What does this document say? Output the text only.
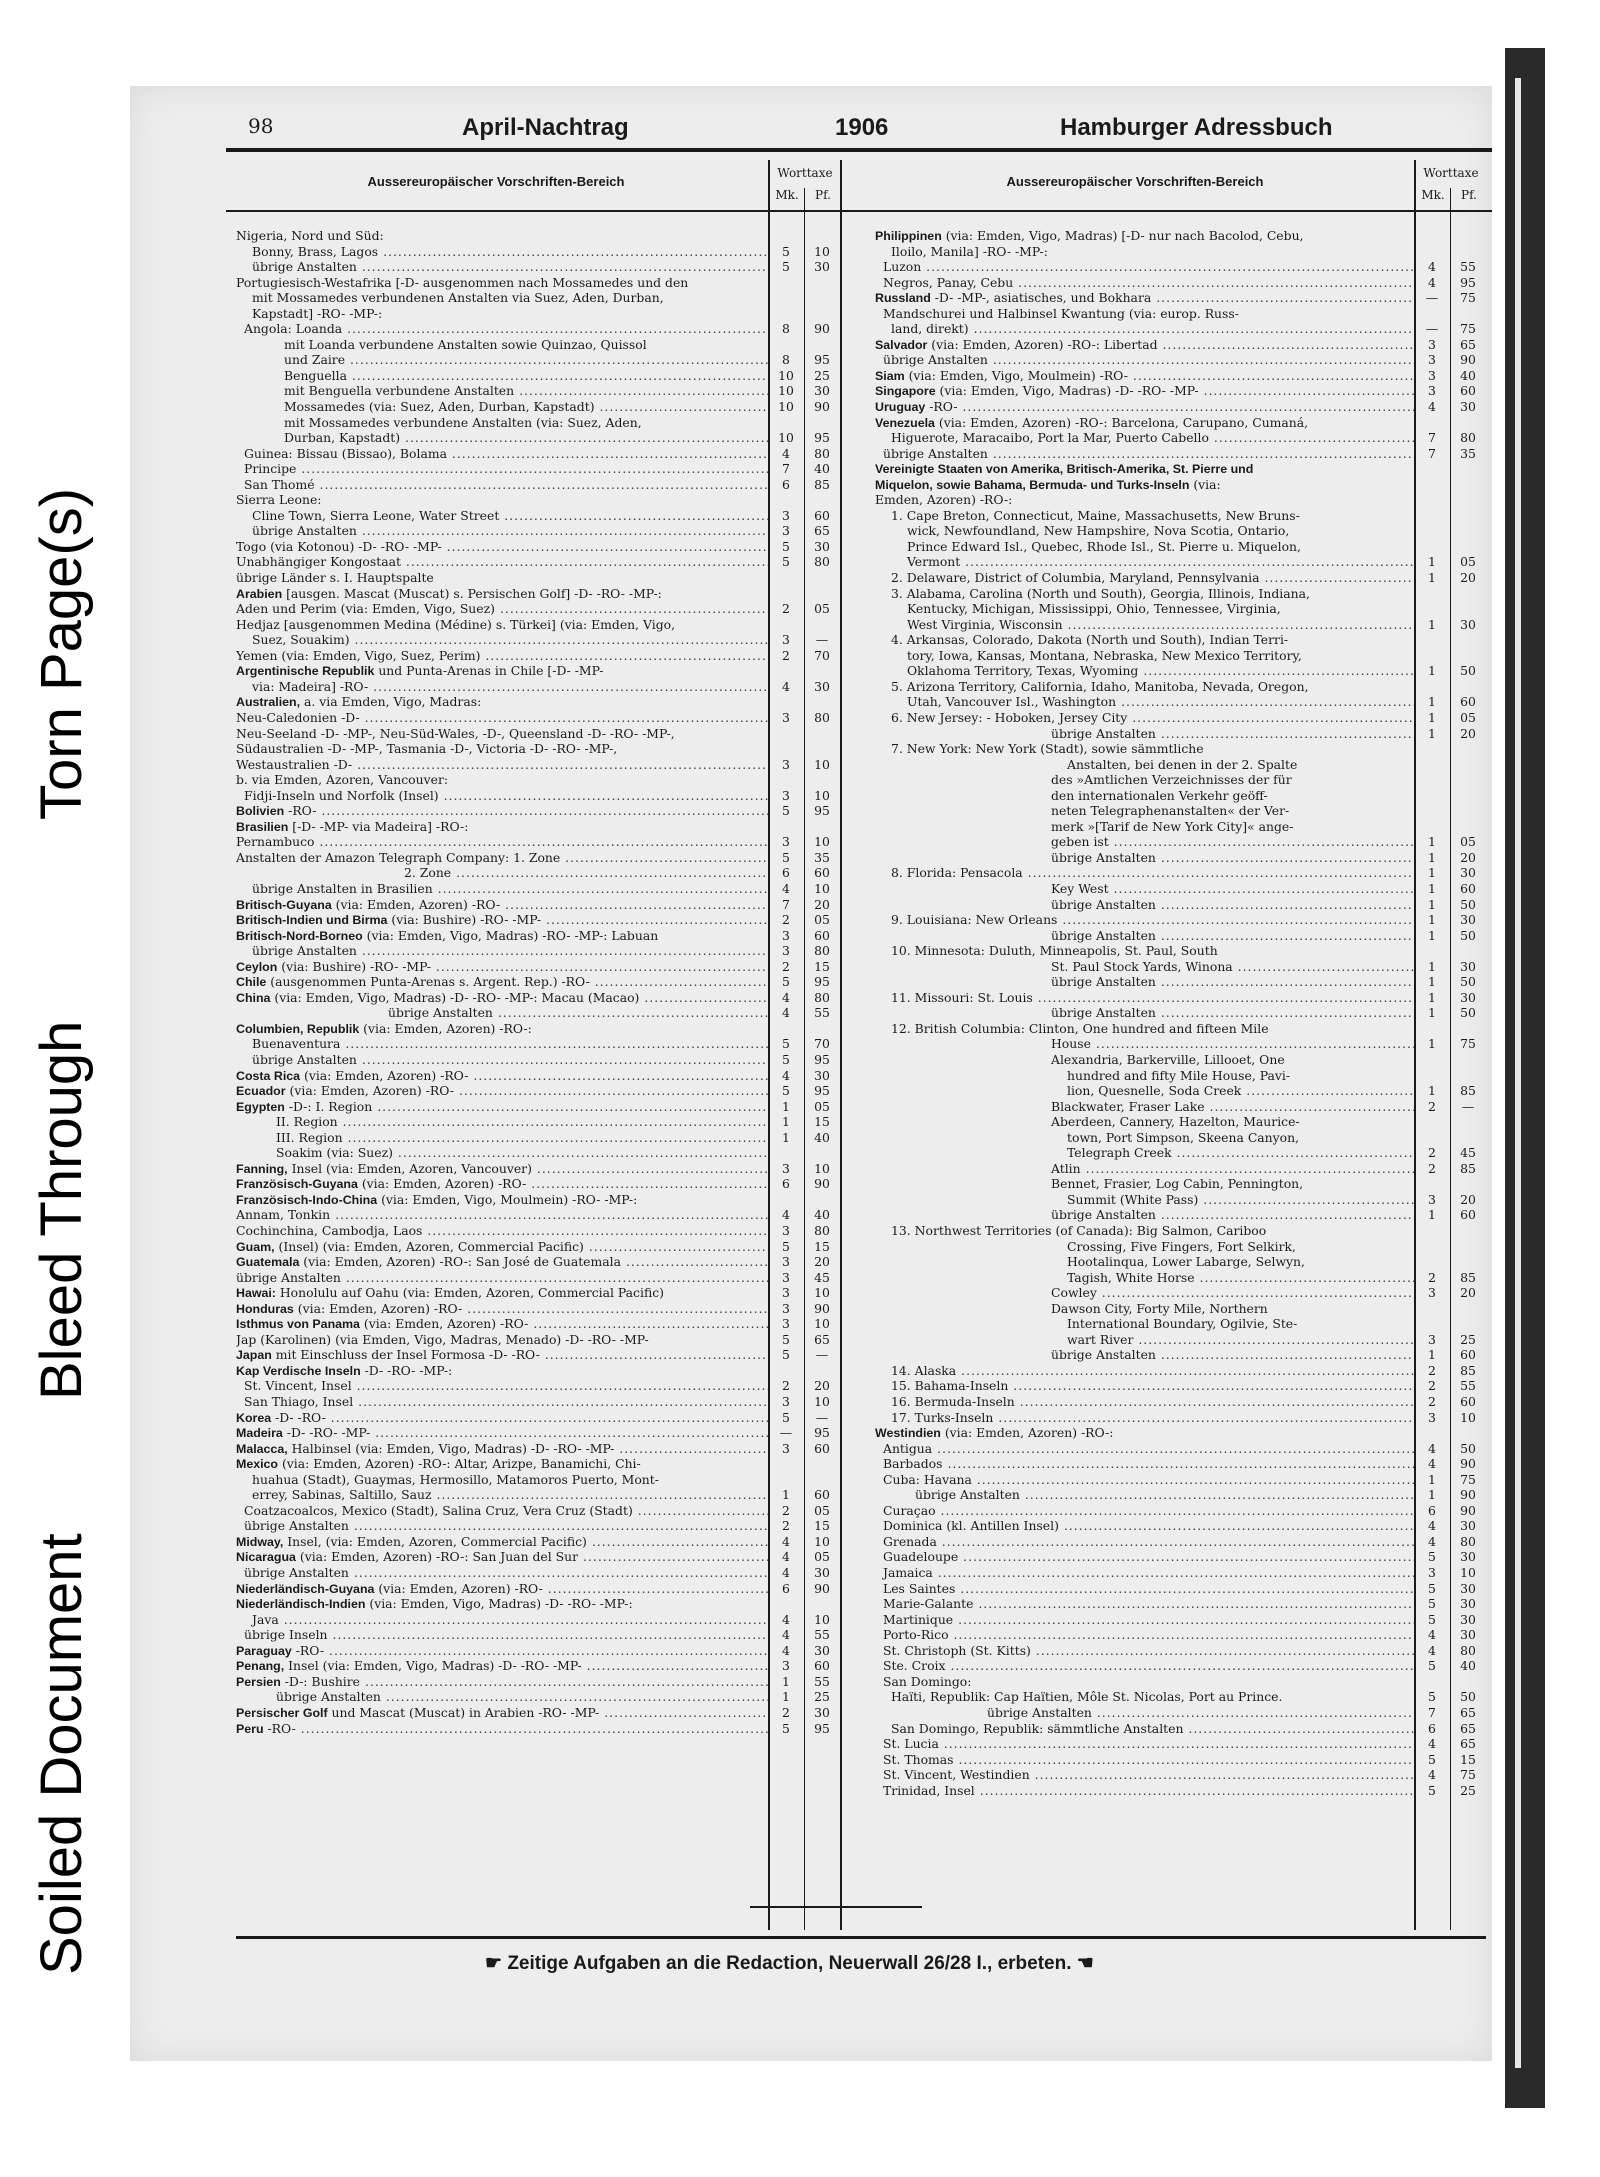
Soiled Document
Bleed Through
Torn Page(s)
98	April-Nachtrag	1906	Hamburger Adressbuch
Aussereuropäischer Vorschriften-Bereich
Worttaxe
Mk.	Pf.
Aussereuropäischer Vorschriften-Bereich
Worttaxe
Mk.	Pf.
Nigeria, Nord und Süd:
Bonny, Brass, Lagos .....	5	10
übrige Anstalten .....	5	30
Portugiesisch-Westafrika [-D- ausgenommen nach Mossamedes und den
mit Mossamedes verbundenen Anstalten via Suez, Aden, Durban,
Kapstadt] -RO- -MP-:
Angola: Loanda .....	8	90
mit Loanda verbundene Anstalten sowie Quinzao, Quissol
und Zaire .....	8	95
Benguella .....	10	25
mit Benguella verbundene Anstalten .....	10	30
Mossamedes (via: Suez, Aden, Durban, Kapstadt) .....	10	90
mit Mossamedes verbundene Anstalten (via: Suez, Aden,
Durban, Kapstadt) .....	10	95
Guinea: Bissau (Bissao), Bolama .....	4	80
Principe .....	7	40
San Thomé .....	6	85
Sierra Leone:
Cline Town, Sierra Leone, Water Street .....	3	60
übrige Anstalten .....	3	65
Togo (via Kotonou) -D- -RO- -MP- .....	5	30
Unabhängiger Kongostaat .....	5	80
übrige Länder s. I. Hauptspalte
Arabien [ausgen. Mascat (Muscat) s. Persischen Golf] -D- -RO- -MP-:
Aden und Perim (via: Emden, Vigo, Suez) .....	2	05
Hedjaz [ausgenommen Medina (Médine) s. Türkei] (via: Emden, Vigo,
Suez, Souakim) .....	3	—
Yemen (via: Emden, Vigo, Suez, Perim) .....	2	70
Argentinische Republik und Punta-Arenas in Chile [-D- -MP-
via: Madeira] -RO- .....	4	30
Australien, a. via Emden, Vigo, Madras:
Neu-Caledonien -D- .....	3	80
Neu-Seeland -D- -MP-, Neu-Süd-Wales, -D-, Queensland -D- -RO- -MP-,
Südaustralien -D- -MP-, Tasmania -D-, Victoria -D- -RO- -MP-,
Westaustralien -D- .....	3	10
b. via Emden, Azoren, Vancouver:
Fidji-Inseln und Norfolk (Insel) .....	3	10
Bolivien -RO- .....	5	95
Brasilien [-D- -MP- via Madeira] -RO-:
Pernambuco .....	3	10
Anstalten der Amazon Telegraph Company: 1. Zone .....	5	35
2. Zone .....	6	60
übrige Anstalten in Brasilien .....	4	10
Britisch-Guyana (via: Emden, Azoren) -RO- .....	7	20
Britisch-Indien und Birma (via: Bushire) -RO- -MP- .....	2	05
Britisch-Nord-Borneo (via: Emden, Vigo, Madras) -RO- -MP-: Labuan	3	60
übrige Anstalten .....	3	80
Ceylon (via: Bushire) -RO- -MP- .....	2	15
Chile (ausgenommen Punta-Arenas s. Argent. Rep.) -RO- .....	5	95
China (via: Emden, Vigo, Madras) -D- -RO- -MP-: Macau (Macao) .....	4	80
übrige Anstalten .....	4	55
Columbien, Republik (via: Emden, Azoren) -RO-:
Buenaventura .....	5	70
übrige Anstalten .....	5	95
Costa Rica (via: Emden, Azoren) -RO- .....	4	30
Ecuador (via: Emden, Azoren) -RO- .....	5	95
Egypten -D-: I. Region .....	1	05
II. Region .....	1	15
III. Region .....	1	40
Soakim (via: Suez) .....
Fanning, Insel (via: Emden, Azoren, Vancouver) .....	3	10
Französisch-Guyana (via: Emden, Azoren) -RO- .....	6	90
Französisch-Indo-China (via: Emden, Vigo, Moulmein) -RO- -MP-:
Annam, Tonkin .....	4	40
Cochinchina, Cambodja, Laos .....	3	80
Guam, (Insel) (via: Emden, Azoren, Commercial Pacific) .....	5	15
Guatemala (via: Emden, Azoren) -RO-: San José de Guatemala .....	3	20
übrige Anstalten .....	3	45
Hawai: Honolulu auf Oahu (via: Emden, Azoren, Commercial Pacific)	3	10
Honduras (via: Emden, Azoren) -RO- .....	3	90
Isthmus von Panama (via: Emden, Azoren) -RO- .....	3	10
Jap (Karolinen) (via Emden, Vigo, Madras, Menado) -D- -RO- -MP-	5	65
Japan mit Einschluss der Insel Formosa -D- -RO- .....	5	—
Kap Verdische Inseln -D- -RO- -MP-:
St. Vincent, Insel .....	2	20
San Thiago, Insel .....	3	10
Korea -D- -RO- .....	5	—
Madeira -D- -RO- -MP- .....	—	95
Malacca, Halbinsel (via: Emden, Vigo, Madras) -D- -RO- -MP- .....	3	60
Mexico (via: Emden, Azoren) -RO-: Altar, Arizpe, Banamichi, Chi-
huahua (Stadt), Guaymas, Hermosillo, Matamoros Puerto, Mont-
errey, Sabinas, Saltillo, Sauz .....	1	60
Coatzacoalcos, Mexico (Stadt), Salina Cruz, Vera Cruz (Stadt) .....	2	05
übrige Anstalten .....	2	15
Midway, Insel, (via: Emden, Azoren, Commercial Pacific) .....	4	10
Nicaragua (via: Emden, Azoren) -RO-: San Juan del Sur .....	4	05
übrige Anstalten .....	4	30
Niederländisch-Guyana (via: Emden, Azoren) -RO- .....	6	90
Niederländisch-Indien (via: Emden, Vigo, Madras) -D- -RO- -MP-:
Java .....	4	10
übrige Inseln .....	4	55
Paraguay -RO- .....	4	30
Penang, Insel (via: Emden, Vigo, Madras) -D- -RO- -MP- .....	3	60
Persien -D-: Bushire .....	1	55
übrige Anstalten .....	1	25
Persischer Golf und Mascat (Muscat) in Arabien -RO- -MP- .....	2	30
Peru -RO- .....	5	95
Philippinen (via: Emden, Vigo, Madras) [-D- nur nach Bacolod, Cebu,
Iloilo, Manila] -RO- -MP-:
Luzon .....	4	55
Negros, Panay, Cebu .....	4	95
Russland -D- -MP-, asiatisches, und Bokhara .....	—	75
Mandschurei und Halbinsel Kwantung (via: europ. Russ-
land, direkt) .....	—	75
Salvador (via: Emden, Azoren) -RO-: Libertad .....	3	65
übrige Anstalten .....	3	90
Siam (via: Emden, Vigo, Moulmein) -RO- .....	3	40
Singapore (via: Emden, Vigo, Madras) -D- -RO- -MP- .....	3	60
Uruguay -RO- .....	4	30
Venezuela (via: Emden, Azoren) -RO-: Barcelona, Carupano, Cumaná,
Higuerote, Maracaibo, Port la Mar, Puerto Cabello .....	7	80
übrige Anstalten .....	7	35
Vereinigte Staaten von Amerika, Britisch-Amerika, St. Pierre und
Miquelon, sowie Bahama, Bermuda- und Turks-Inseln (via:
Emden, Azoren) -RO-:
1. Cape Breton, Connecticut, Maine, Massachusetts, New Bruns-
wick, Newfoundland, New Hampshire, Nova Scotia, Ontario,
Prince Edward Isl., Quebec, Rhode Isl., St. Pierre u. Miquelon,
Vermont .....	1	05
2. Delaware, District of Columbia, Maryland, Pennsylvania .....	1	20
3. Alabama, Carolina (North und South), Georgia, Illinois, Indiana,
Kentucky, Michigan, Mississippi, Ohio, Tennessee, Virginia,
West Virginia, Wisconsin .....	1	30
4. Arkansas, Colorado, Dakota (North und South), Indian Terri-
tory, Iowa, Kansas, Montana, Nebraska, New Mexico Territory,
Oklahoma Territory, Texas, Wyoming .....	1	50
5. Arizona Territory, California, Idaho, Manitoba, Nevada, Oregon,
Utah, Vancouver Isl., Washington .....	1	60
6. New Jersey: - Hoboken, Jersey City .....	1	05
übrige Anstalten .....	1	20
7. New York: New York (Stadt), sowie sämmtliche
Anstalten, bei denen in der 2. Spalte
des »Amtlichen Verzeichnisses der für
den internationalen Verkehr geöff-
neten Telegraphenanstalten« der Ver-
merk »[Tarif de New York City]« ange-
geben ist .....	1	05
übrige Anstalten .....	1	20
8. Florida: Pensacola .....	1	30
Key West .....	1	60
übrige Anstalten .....	1	50
9. Louisiana: New Orleans .....	1	30
übrige Anstalten .....	1	50
10. Minnesota: Duluth, Minneapolis, St. Paul, South
St. Paul Stock Yards, Winona .....	1	30
übrige Anstalten .....	1	50
11. Missouri: St. Louis .....	1	30
übrige Anstalten .....	1	50
12. British Columbia: Clinton, One hundred and fifteen Mile
House .....	1	75
Alexandria, Barkerville, Lillooet, One
hundred and fifty Mile House, Pavi-
lion, Quesnelle, Soda Creek .....	1	85
Blackwater, Fraser Lake .....	2	—
Aberdeen, Cannery, Hazelton, Maurice-
town, Port Simpson, Skeena Canyon,
Telegraph Creek .....	2	45
Atlin .....	2	85
Bennet, Frasier, Log Cabin, Pennington,
Summit (White Pass) .....	3	20
übrige Anstalten .....	1	60
13. Northwest Territories (of Canada): Big Salmon, Cariboo
Crossing, Five Fingers, Fort Selkirk,
Hootalinqua, Lower Labarge, Selwyn,
Tagish, White Horse .....	2	85
Cowley .....	3	20
Dawson City, Forty Mile, Northern
International Boundary, Ogilvie, Ste-
wart River .....	3	25
übrige Anstalten .....	1	60
14. Alaska .....	2	85
15. Bahama-Inseln .....	2	55
16. Bermuda-Inseln .....	2	60
17. Turks-Inseln .....	3	10
Westindien (via: Emden, Azoren) -RO-:
Antigua .....	4	50
Barbados .....	4	90
Cuba: Havana .....	1	75
übrige Anstalten .....	1	90
Curaçao .....	6	90
Dominica (kl. Antillen Insel) .....	4	30
Grenada .....	4	80
Guadeloupe .....	5	30
Jamaica .....	3	10
Les Saintes .....	5	30
Marie-Galante .....	5	30
Martinique .....	5	30
Porto-Rico .....	4	30
St. Christoph (St. Kitts) .....	4	80
Ste. Croix .....	5	40
San Domingo:
Haïti, Republik: Cap Haïtien, Môle St. Nicolas, Port au Prince.	5	50
übrige Anstalten .....	7	65
San Domingo, Republik: sämmtliche Anstalten .....	6	65
St. Lucia .....	4	65
St. Thomas .....	5	15
St. Vincent, Westindien .....	4	75
Trinidad, Insel .....	5	25
☛ Zeitige Aufgaben an die Redaction, Neuerwall 26/28 I., erbeten. ☚
